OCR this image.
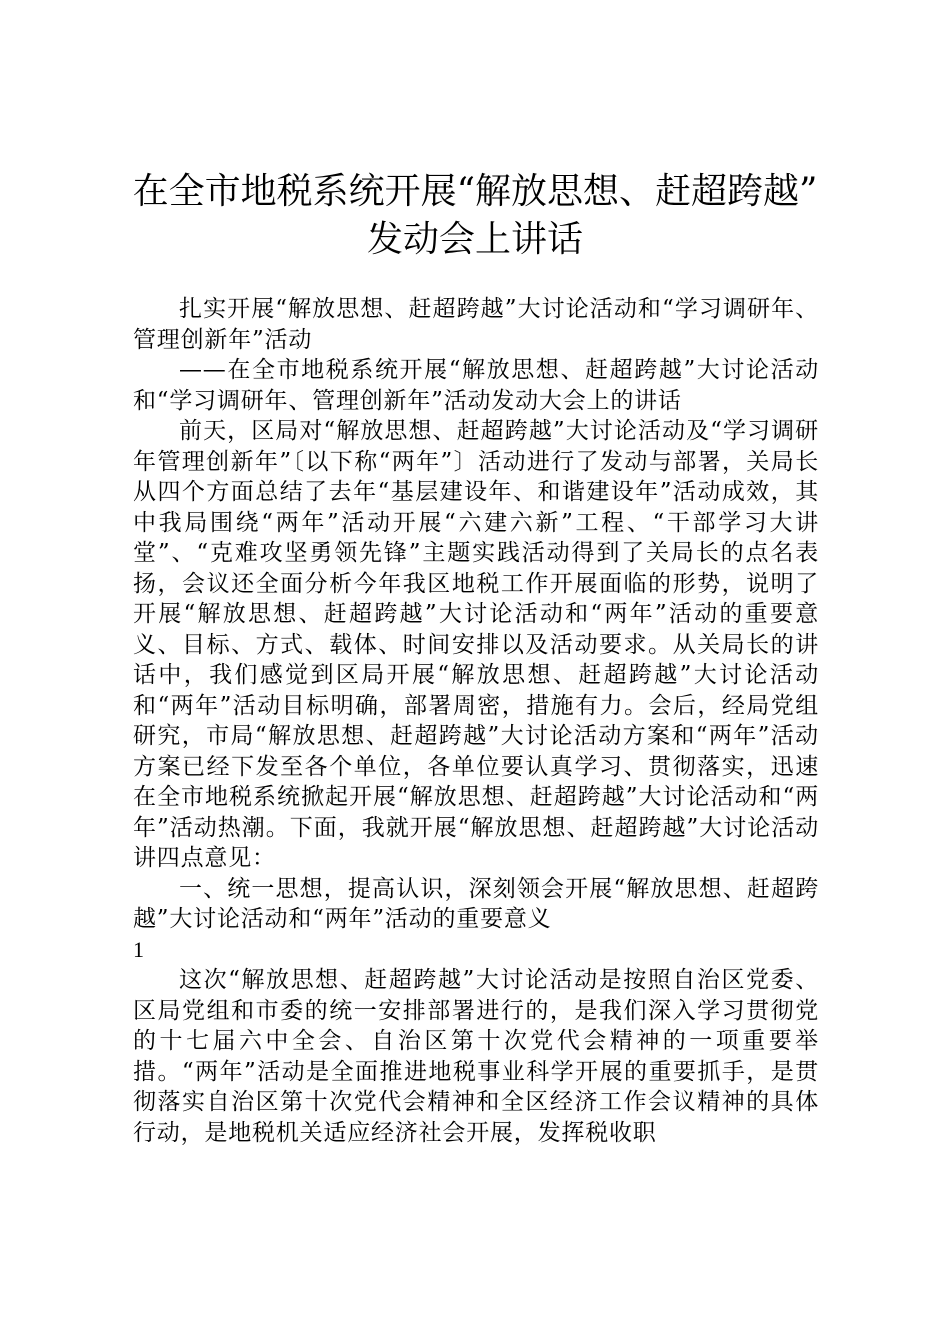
在全市地税系统开展“解放思想、赶超跨越”
发动会上讲话

扎实开展“解放思想、赶超跨越”大讨论活动和“学习调研年、管理创新年”活动

——在全市地税系统开展“解放思想、赶超跨越”大讨论活动和“学习调研年、管理创新年”活动发动大会上的讲话

前天，区局对“解放思想、赶超跨越”大讨论活动及“学习调研年管理创新年”〔以下称“两年”〕活动进行了发动与部署，关局长从四个方面总结了去年“基层建设年、和谐建设年”活动成效，其中我局围绕“两年”活动开展“六建六新”工程、“干部学习大讲堂”、“克难攻坚勇领先锋”主题实践活动得到了关局长的点名表扬，会议还全面分析今年我区地税工作开展面临的形势，说明了开展“解放思想、赶超跨越”大讨论活动和“两年”活动的重要意义、目标、方式、载体、时间安排以及活动要求。从关局长的讲话中，我们感觉到区局开展“解放思想、赶超跨越”大讨论活动和“两年”活动目标明确，部署周密，措施有力。会后，经局党组研究，市局“解放思想、赶超跨越”大讨论活动方案和“两年”活动方案已经下发至各个单位，各单位要认真学习、贯彻落实，迅速在全市地税系统掀起开展“解放思想、赶超跨越”大讨论活动和“两年”活动热潮。下面，我就开展“解放思想、赶超跨越”大讨论活动讲四点意见：

一、统一思想，提高认识，深刻领会开展“解放思想、赶超跨越”大讨论活动和“两年”活动的重要意义

1

这次“解放思想、赶超跨越”大讨论活动是按照自治区党委、区局党组和市委的统一安排部署进行的，是我们深入学习贯彻党的十七届六中全会、自治区第十次党代会精神的一项重要举措。“两年”活动是全面推进地税事业科学开展的重要抓手，是贯彻落实自治区第十次党代会精神和全区经济工作会议精神的具体行动，是地税机关适应经济社会开展，发挥税收职
